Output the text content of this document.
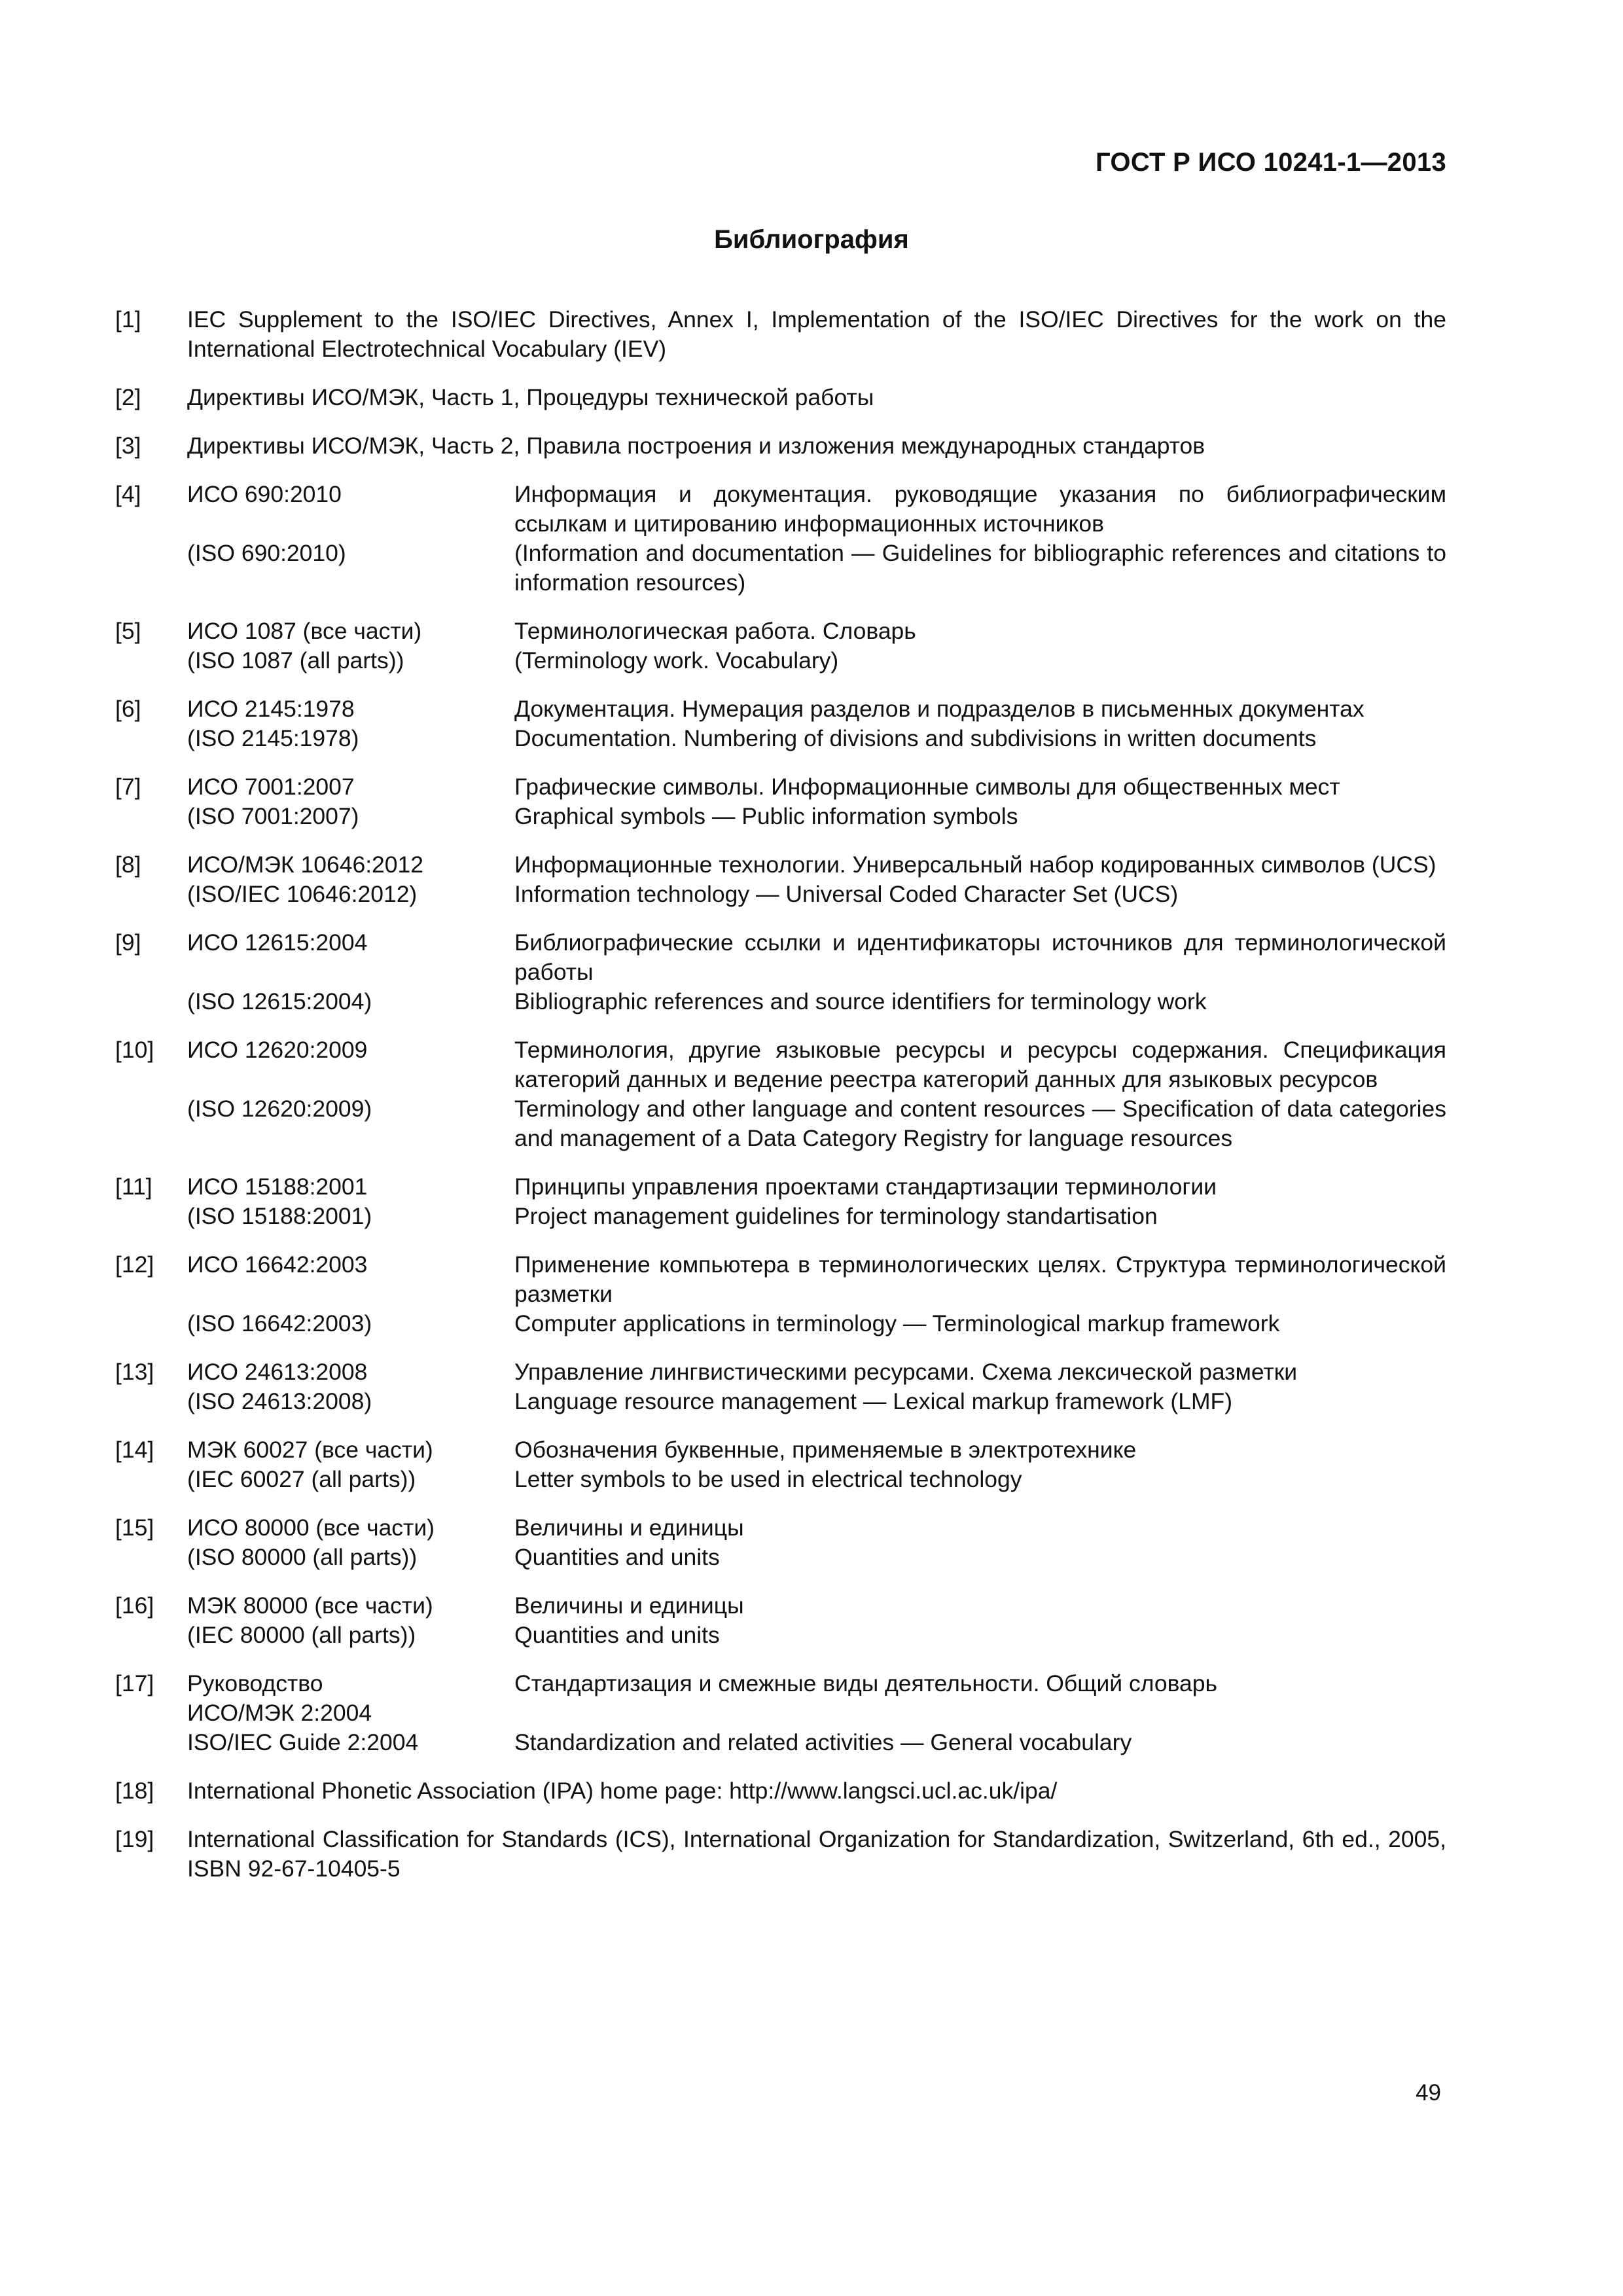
ГОСТ Р ИСО 10241-1—2013
Библиография
[1]	IEC Supplement to the ISO/IEC Directives, Annex I, Implementation of the ISO/IEC Directives for the work on the International Electrotechnical Vocabulary (IEV)
[2]	Директивы ИСО/МЭК, Часть 1, Процедуры технической работы
[3]	Директивы ИСО/МЭК, Часть 2, Правила построения и изложения международных стандартов
[4]	ИСО 690:2010	Информация и документация. руководящие указания по библиографическим ссылкам и цитированию информационных источников
(ISO 690:2010)	(Information and documentation — Guidelines for bibliographic references and citations to information resources)
[5]	ИСО 1087 (все части)	Терминологическая работа. Словарь
(ISO 1087 (all parts))	(Terminology work. Vocabulary)
[6]	ИСО 2145:1978	Документация. Нумерация разделов и подразделов в письменных документах
(ISO 2145:1978)	Documentation. Numbering of divisions and subdivisions in written documents
[7]	ИСО 7001:2007	Графические символы. Информационные символы для общественных мест
(ISO 7001:2007)	Graphical symbols — Public information symbols
[8]	ИСО/МЭК 10646:2012	Информационные технологии. Универсальный набор кодированных символов (UCS)
(ISO/IEC 10646:2012)	Information technology — Universal Coded Character Set (UCS)
[9]	ИСО 12615:2004	Библиографические ссылки и идентификаторы источников для терминологической работы
(ISO 12615:2004)	Bibliographic references and source identifiers for terminology work
[10]	ИСО 12620:2009	Терминология, другие языковые ресурсы и ресурсы содержания. Спецификация категорий данных и ведение реестра категорий данных для языковых ресурсов
(ISO 12620:2009)	Terminology and other language and content resources — Specification of data categories and management of a Data Category Registry for language resources
[11]	ИСО 15188:2001	Принципы управления проектами стандартизации терминологии
(ISO 15188:2001)	Project management guidelines for terminology standartisation
[12]	ИСО 16642:2003	Применение компьютера в терминологических целях. Структура терминологической разметки
(ISO 16642:2003)	Computer applications in terminology — Terminological markup framework
[13]	ИСО 24613:2008	Управление лингвистическими ресурсами. Схема лексической разметки
(ISO 24613:2008)	Language resource management — Lexical markup framework (LMF)
[14]	МЭК 60027 (все части)	Обозначения буквенные, применяемые в электротехнике
(IEC 60027 (all parts))	Letter symbols to be used in electrical technology
[15]	ИСО 80000 (все части)	Величины и единицы
(ISO 80000 (all parts))	Quantities and units
[16]	МЭК 80000 (все части)	Величины и единицы
(IEC 80000 (all parts))	Quantities and units
[17]	Руководство	Стандартизация и смежные виды деятельности. Общий словарь
ИСО/МЭК 2:2004
ISO/IEC Guide 2:2004	Standardization and related activities — General vocabulary
[18]	International Phonetic Association (IPA) home page: http://www.langsci.ucl.ac.uk/ipa/
[19]	International Classification for Standards (ICS), International Organization for Standardization, Switzerland, 6th ed., 2005, ISBN 92-67-10405-5
49
